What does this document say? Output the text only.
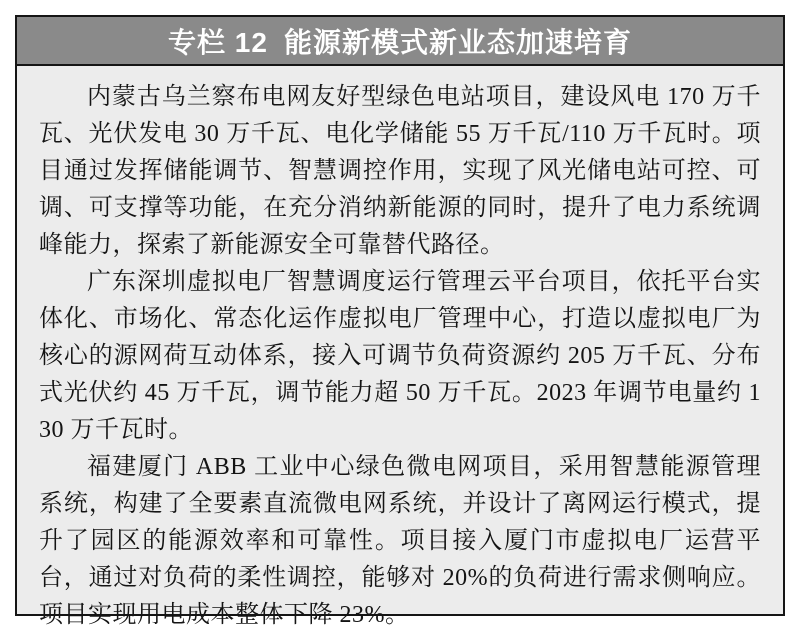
专栏 12 能源新模式新业态加速培育

内蒙古乌兰察布电网友好型绿色电站项目，建设风电 170 万千瓦、光伏发电 30 万千瓦、电化学储能 55 万千瓦/110 万千瓦时。项目通过发挥储能调节、智慧调控作用，实现了风光储电站可控、可调、可支撑等功能，在充分消纳新能源的同时，提升了电力系统调峰能力，探索了新能源安全可靠替代路径。

广东深圳虚拟电厂智慧调度运行管理云平台项目，依托平台实体化、市场化、常态化运作虚拟电厂管理中心，打造以虚拟电厂为核心的源网荷互动体系，接入可调节负荷资源约 205 万千瓦、分布式光伏约 45 万千瓦，调节能力超 50 万千瓦。2023 年调节电量约 130 万千瓦时。

福建厦门 ABB 工业中心绿色微电网项目，采用智慧能源管理系统，构建了全要素直流微电网系统，并设计了离网运行模式，提升了园区的能源效率和可靠性。项目接入厦门市虚拟电厂运营平台，通过对负荷的柔性调控，能够对 20%的负荷进行需求侧响应。项目实现用电成本整体下降 23%。
